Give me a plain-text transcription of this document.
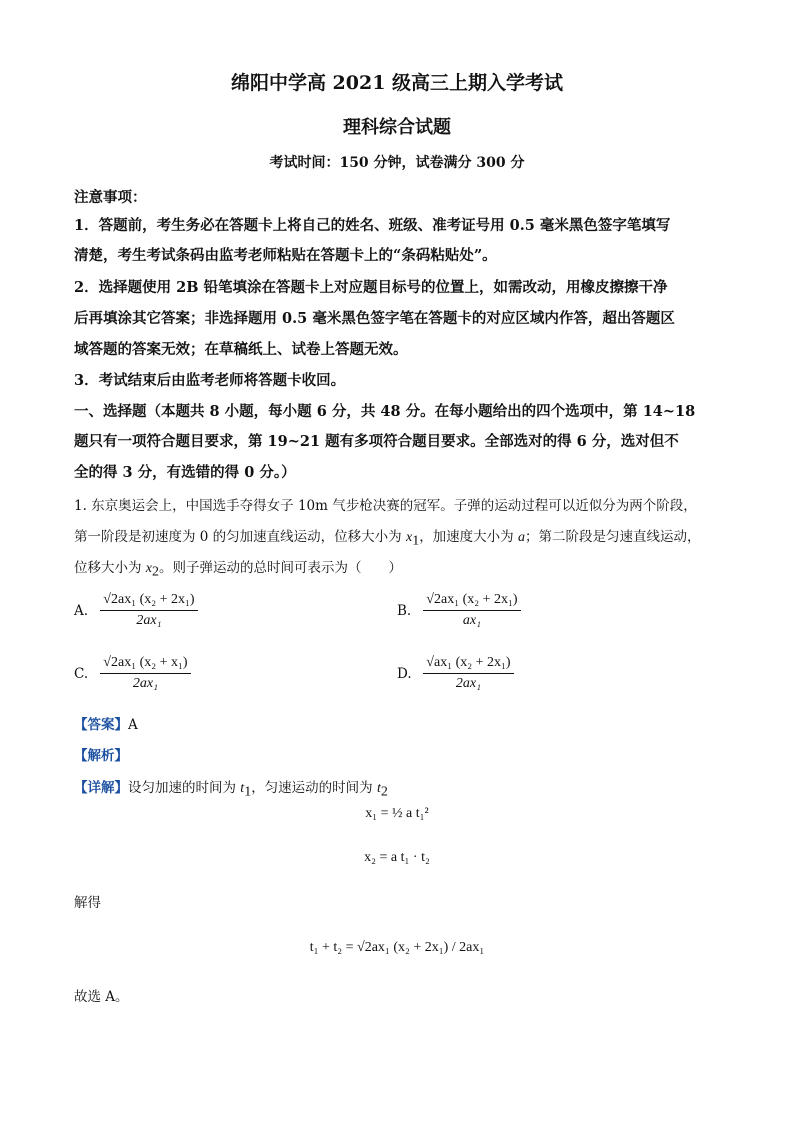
绵阳中学高 2021 级高三上期入学考试
理科综合试题
考试时间：150 分钟，试卷满分 300 分
注意事项：
1．答题前，考生务必在答题卡上将自己的姓名、班级、准考证号用 0.5 毫米黑色签字笔填写
清楚，考生考试条码由监考老师粘贴在答题卡上的“条码粘贴处”。
2．选择题使用 2B 铅笔填涂在答题卡上对应题目标号的位置上，如需改动，用橡皮擦擦干净
后再填涂其它答案；非选择题用 0.5 毫米黑色签字笔在答题卡的对应区域内作答，超出答题区
域答题的答案无效；在草稿纸上、试卷上答题无效。
3．考试结束后由监考老师将答题卡收回。
一、选择题（本题共 8 小题，每小题 6 分，共 48 分。在每小题给出的四个选项中，第 14~18
题只有一项符合题目要求，第 19~21 题有多项符合题目要求。全部选对的得 6 分，选对但不
全的得 3 分，有选错的得 0 分。）
1. 东京奥运会上，中国选手夺得女子 10m 气步枪决赛的冠军。子弹的运动过程可以近似分为两个阶段，
第一阶段是初速度为 0 的匀加速直线运动，位移大小为 $x_1$，加速度大小为 a；第二阶段是匀速直线运动，
位移大小为 $x_2$。则子弹运动的总时间可表示为（　　）
A. $\frac{\text{√2ax₁ (x₂ + 2x₁)}}{\text{2ax₁}}$	B. $\frac{\text{√2ax₁ (x₂ + 2x₁)}}{\text{ax₁}}$
C. $\frac{\text{√2ax₁ (x₂ + x₁)}}{\text{2ax₁}}$	D. $\frac{\text{√ax₁ (x₂ + 2x₁)}}{\text{2ax₁}}$
【答案】A
【解析】
【详解】设匀加速的时间为 $t_1$，匀速运动的时间为 $t_2$
x₁ = ½ a t₁²
x₂ = a t₁ · t₂
解得
t₁ + t₂ = √2ax₁ (x₂ + 2x₁) / 2ax₁
故选 A。
